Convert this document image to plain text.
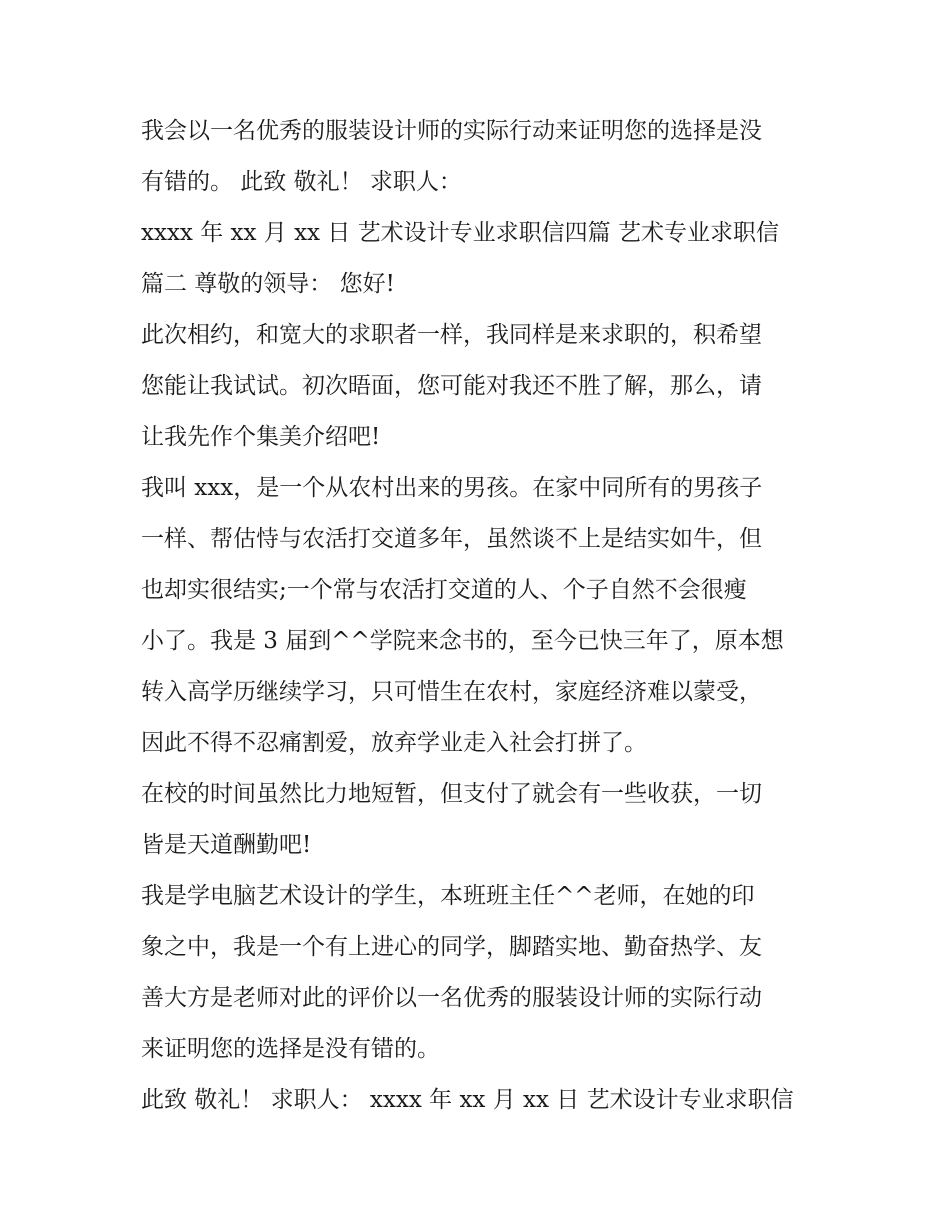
我会以一名优秀的服装设计师的实际行动来证明您的选择是没
有错的。 此致 敬礼！ 求职人：
xxxx 年 xx 月 xx 日 艺术设计专业求职信四篇 艺术专业求职信
篇二 尊敬的领导： 您好!
此次相约，和宽大的求职者一样，我同样是来求职的，积希望
您能让我试试。初次晤面，您可能对我还不胜了解，那么，请
让我先作个集美介绍吧!
我叫 xxx，是一个从农村出来的男孩。在家中同所有的男孩子
一样、帮估恃与农活打交道多年，虽然谈不上是结实如牛，但
也却实很结实;一个常与农活打交道的人、个子自然不会很瘦
小了。我是 3 届到^^学院来念书的，至今已快三年了，原本想
转入高学历继续学习，只可惜生在农村，家庭经济难以蒙受，
因此不得不忍痛割爱，放弃学业走入社会打拼了。
在校的时间虽然比力地短暂，但支付了就会有一些收获，一切
皆是天道酬勤吧!
我是学电脑艺术设计的学生，本班班主任^^老师，在她的印
象之中，我是一个有上进心的同学，脚踏实地、勤奋热学、友
善大方是老师对此的评价以一名优秀的服装设计师的实际行动
来证明您的选择是没有错的。
此致 敬礼！ 求职人： xxxx 年 xx 月 xx 日 艺术设计专业求职信
